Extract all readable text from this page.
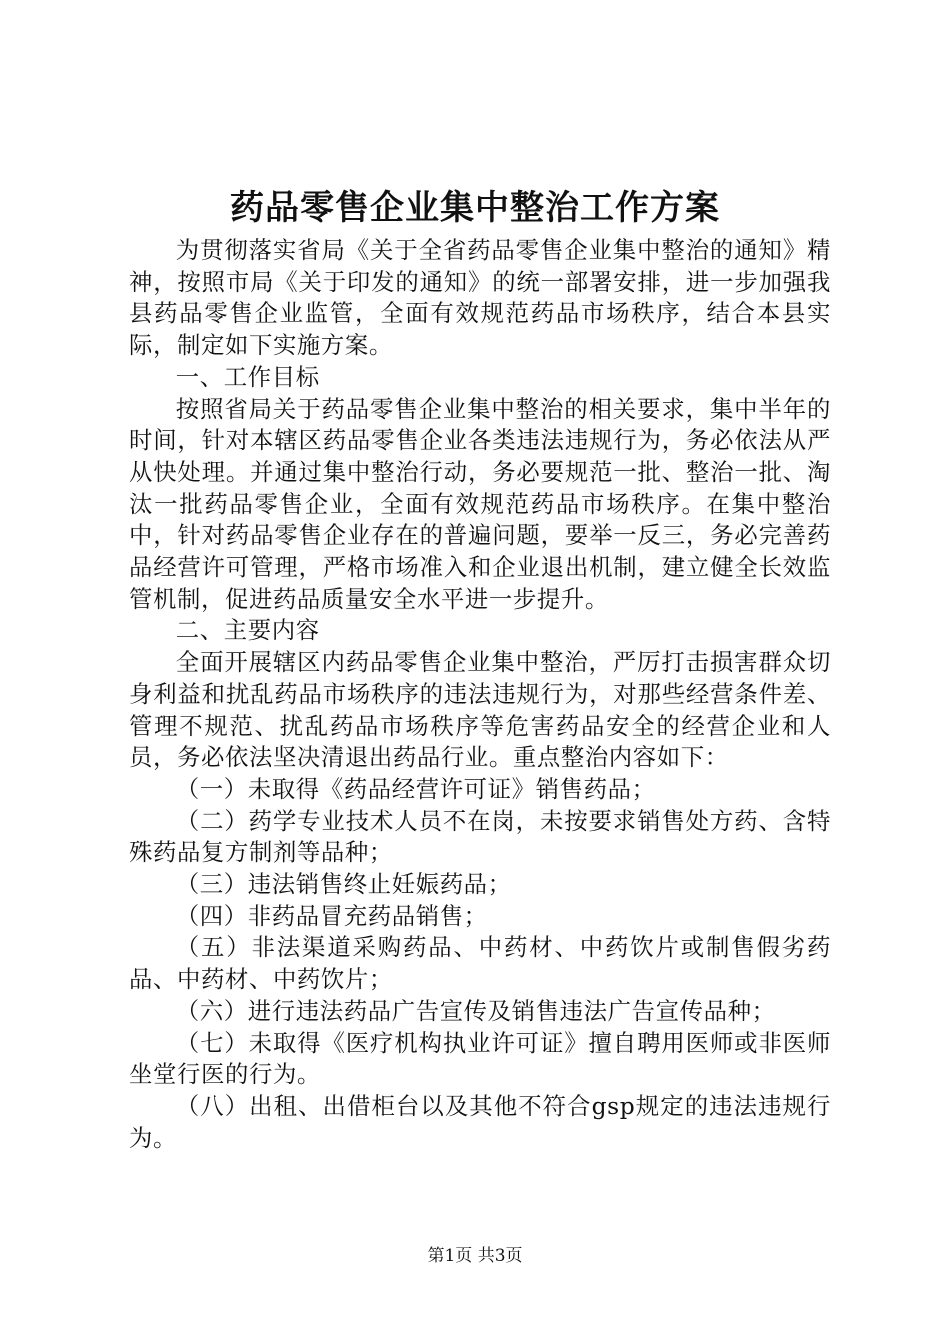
药品零售企业集中整治工作方案

为贯彻落实省局《关于全省药品零售企业集中整治的通知》精神，按照市局《关于印发的通知》的统一部署安排，进一步加强我县药品零售企业监管，全面有效规范药品市场秩序，结合本县实际，制定如下实施方案。

一、工作目标

按照省局关于药品零售企业集中整治的相关要求，集中半年的时间，针对本辖区药品零售企业各类违法违规行为，务必依法从严从快处理。并通过集中整治行动，务必要规范一批、整治一批、淘汰一批药品零售企业，全面有效规范药品市场秩序。在集中整治中，针对药品零售企业存在的普遍问题，要举一反三，务必完善药品经营许可管理，严格市场准入和企业退出机制，建立健全长效监管机制，促进药品质量安全水平进一步提升。

二、主要内容

全面开展辖区内药品零售企业集中整治，严厉打击损害群众切身利益和扰乱药品市场秩序的违法违规行为，对那些经营条件差、管理不规范、扰乱药品市场秩序等危害药品安全的经营企业和人员，务必依法坚决清退出药品行业。重点整治内容如下：

（一）未取得《药品经营许可证》销售药品；

（二）药学专业技术人员不在岗，未按要求销售处方药、含特殊药品复方制剂等品种；

（三）违法销售终止妊娠药品；

（四）非药品冒充药品销售；

（五）非法渠道采购药品、中药材、中药饮片或制售假劣药品、中药材、中药饮片；

（六）进行违法药品广告宣传及销售违法广告宣传品种；

（七）未取得《医疗机构执业许可证》擅自聘用医师或非医师坐堂行医的行为。

（八）出租、出借柜台以及其他不符合gsp规定的违法违规行为。

第1页 共3页
